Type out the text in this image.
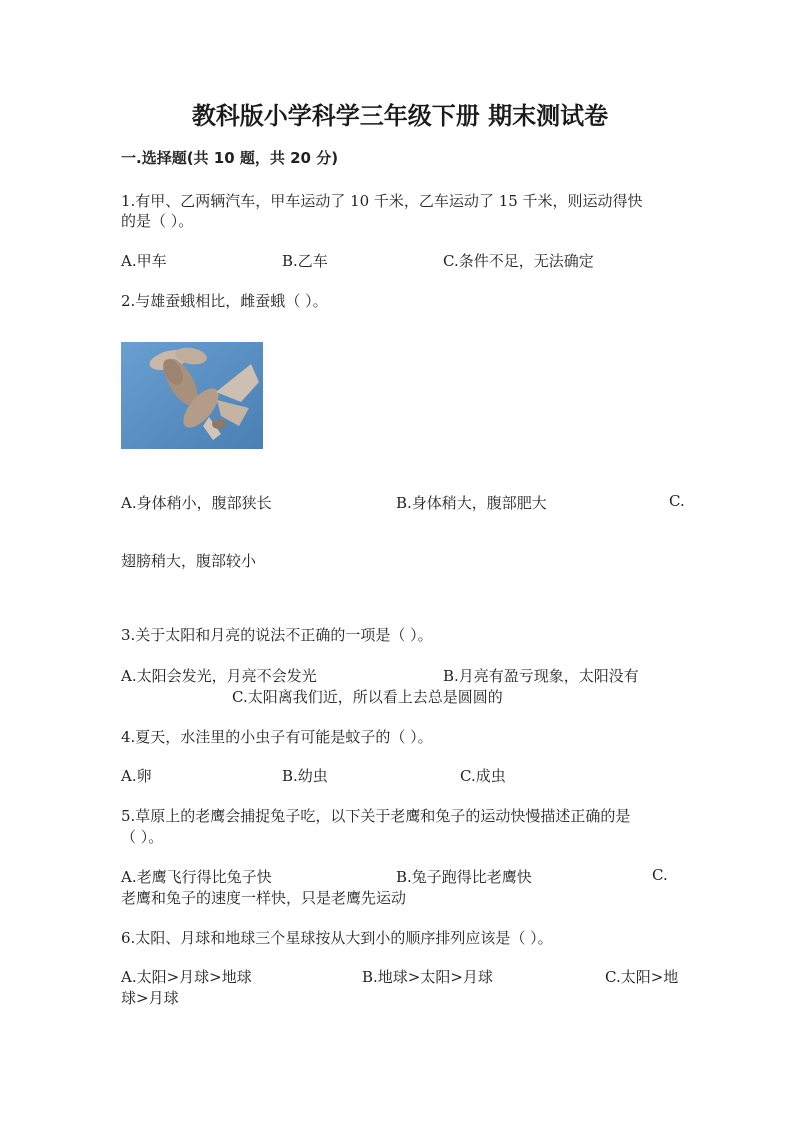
教科版小学科学三年级下册 期末测试卷
一.选择题(共 10 题，共 20 分)
1.有甲、乙两辆汽车，甲车运动了 10 千米，乙车运动了 15 千米，则运动得快
的是（ ）。
A.甲车	B.乙车	C.条件不足，无法确定
2.与雄蚕蛾相比，雌蚕蛾（ ）。
A.身体稍小，腹部狭长	B.身体稍大，腹部肥大	C.
翅膀稍大，腹部较小
3.关于太阳和月亮的说法不正确的一项是（ ）。
A.太阳会发光，月亮不会发光	B.月亮有盈亏现象，太阳没有
C.太阳离我们近，所以看上去总是圆圆的
4.夏天，水洼里的小虫子有可能是蚊子的（ ）。
A.卵	B.幼虫	C.成虫
5.草原上的老鹰会捕捉兔子吃，以下关于老鹰和兔子的运动快慢描述正确的是
（ ）。
A.老鹰飞行得比兔子快	B.兔子跑得比老鹰快	C.
老鹰和兔子的速度一样快，只是老鹰先运动
6.太阳、月球和地球三个星球按从大到小的顺序排列应该是（ ）。
A.太阳>月球>地球	B.地球>太阳>月球	C.太阳>地
球>月球
